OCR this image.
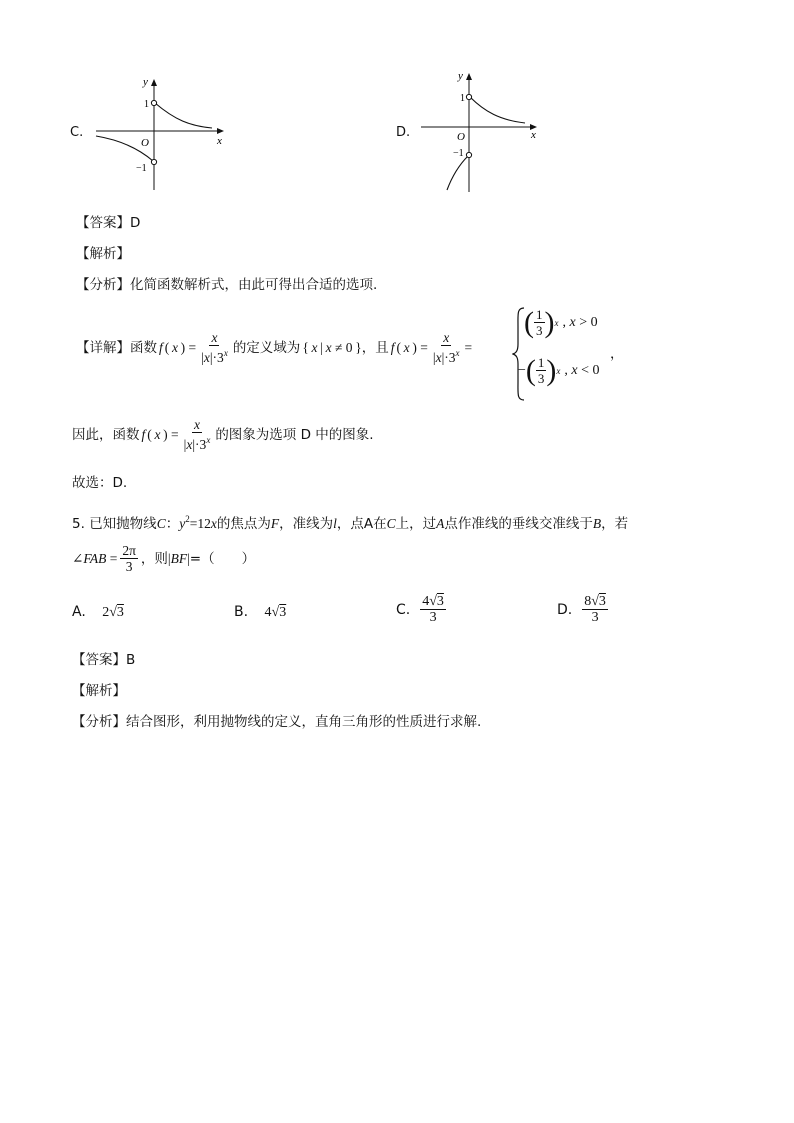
C.
y
x
O
1
−1
D.
y
x
O
1
−1
【答案】D
【解析】
【分析】化简函数解析式，由此可得出合适的选项.
【详解】 函数 f ( x ) = $\frac{x}{|x|\cdot 3^x}$ 的定义域为 { x | x ≠ 0 } ，且 f ( x ) = $\frac{x}{|x|\cdot 3^x}$ =
( $\frac{1}{3}$ ) x , x > 0
− ( $\frac{1}{3}$ ) x , x < 0
，
因此，函数 f ( x ) = $\frac{x}{|x|\cdot 3^x}$ 的图象为选项 D 中的图象.
故选：D.
5. 已知抛物线C：$y^2=12x$的焦点为F，准线为l，点A在C上，过A点作准线的垂线交准线于B，若
∠FAB = $\frac{2\pi}{3}$ ，则 |BF| =（　　）
A. 2√3	B. 4√3	C. $\frac{4√3}{3}$	D. $\frac{8√3}{3}$
【答案】B
【解析】
【分析】结合图形，利用抛物线的定义，直角三角形的性质进行求解.
